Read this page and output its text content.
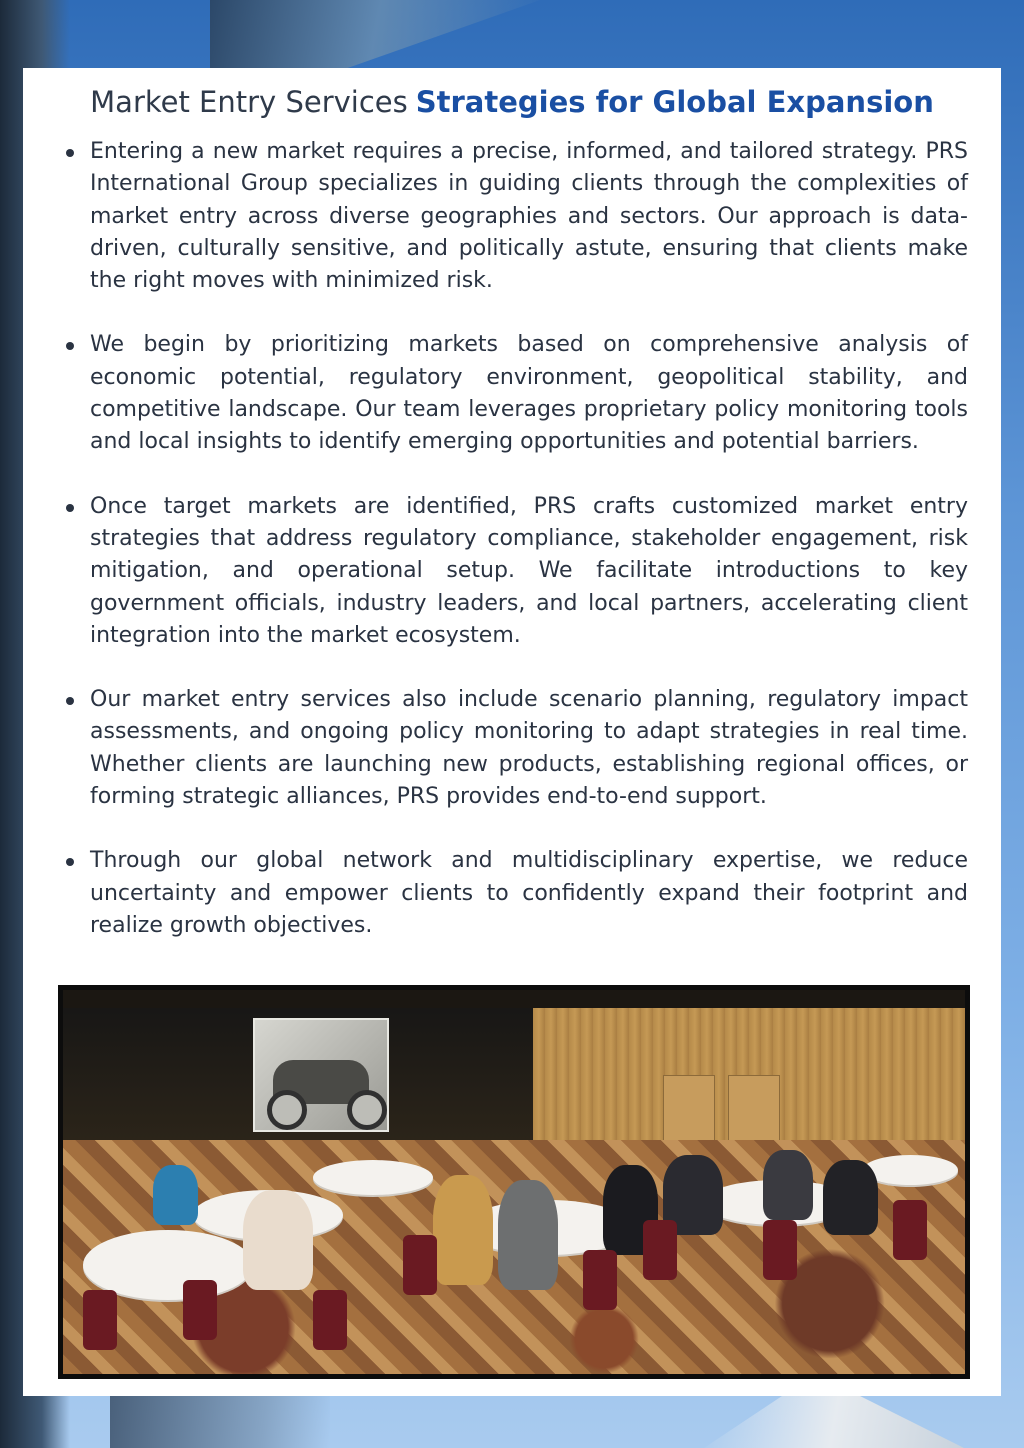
Market Entry Services Strategies for Global Expansion
Entering a new market requires a precise, informed, and tailored strategy. PRS International Group specializes in guiding clients through the complexities of market entry across diverse geographies and sectors. Our approach is data-driven, culturally sensitive, and politically astute, ensuring that clients make the right moves with minimized risk.
We begin by prioritizing markets based on comprehensive analysis of economic potential, regulatory environment, geopolitical stability, and competitive landscape. Our team leverages proprietary policy monitoring tools and local insights to identify emerging opportunities and potential barriers.
Once target markets are identified, PRS crafts customized market entry strategies that address regulatory compliance, stakeholder engagement, risk mitigation, and operational setup. We facilitate introductions to key government officials, industry leaders, and local partners, accelerating client integration into the market ecosystem.
Our market entry services also include scenario planning, regulatory impact assessments, and ongoing policy monitoring to adapt strategies in real time. Whether clients are launching new products, establishing regional offices, or forming strategic alliances, PRS provides end-to-end support.
Through our global network and multidisciplinary expertise, we reduce uncertainty and empower clients to confidently expand their footprint and realize growth objectives.
